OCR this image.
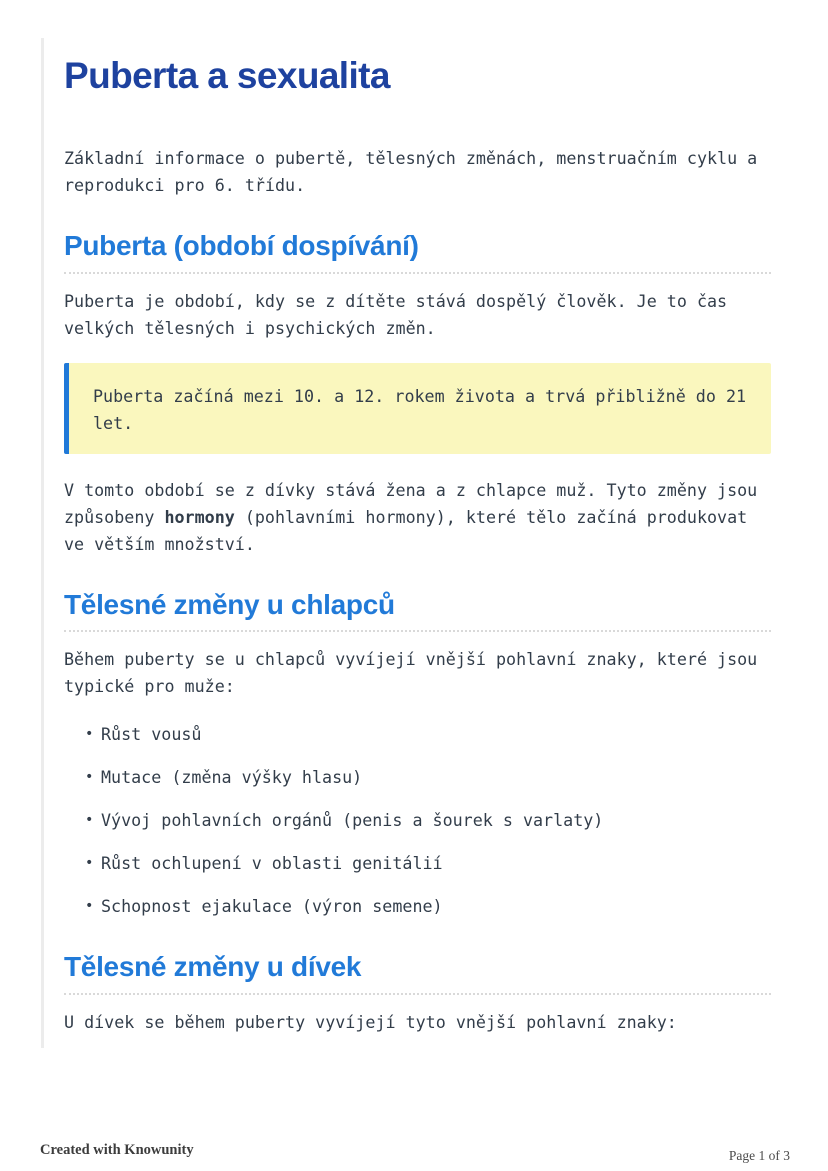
Puberta a sexualita

Základní informace o pubertě, tělesných změnách, menstruačním cyklu a reprodukci pro 6. třídu.

Puberta (období dospívání)

Puberta je období, kdy se z dítěte stává dospělý člověk. Je to čas velkých tělesných i psychických změn.

Puberta začíná mezi 10. a 12. rokem života a trvá přibližně do 21 let.

V tomto období se z dívky stává žena a z chlapce muž. Tyto změny jsou způsobeny hormony (pohlavními hormony), které tělo začíná produkovat ve větším množství.

Tělesné změny u chlapců

Během puberty se u chlapců vyvíjejí vnější pohlavní znaky, které jsou typické pro muže:

• Růst vousů
• Mutace (změna výšky hlasu)
• Vývoj pohlavních orgánů (penis a šourek s varlaty)
• Růst ochlupení v oblasti genitálií
• Schopnost ejakulace (výron semene)
Tělesné změny u dívek

U dívek se během puberty vyvíjejí tyto vnější pohlavní znaky:

Created with Knowunity	Page 1 of 3
